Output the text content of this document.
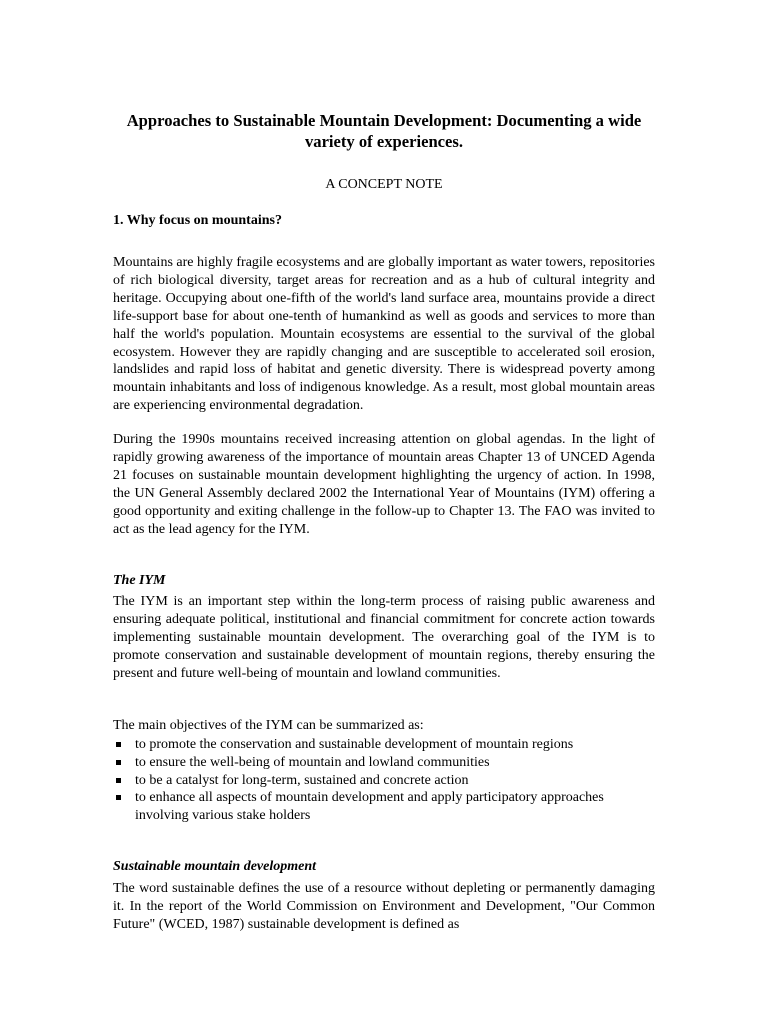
Approaches to Sustainable Mountain Development: Documenting a wide variety of experiences.

A CONCEPT NOTE

1. Why focus on mountains?

Mountains are highly fragile ecosystems and are globally important as water towers, repositories of rich biological diversity, target areas for recreation and as a hub of cultural integrity and heritage. Occupying about one-fifth of the world's land surface area, mountains provide a direct life-support base for about one-tenth of humankind as well as goods and services to more than half the world's population. Mountain ecosystems are essential to the survival of the global ecosystem. However they are rapidly changing and are susceptible to accelerated soil erosion, landslides and rapid loss of habitat and genetic diversity. There is widespread poverty among mountain inhabitants and loss of indigenous knowledge. As a result, most global mountain areas are experiencing environmental degradation.

During the 1990s mountains received increasing attention on global agendas. In the light of rapidly growing awareness of the importance of mountain areas Chapter 13 of UNCED Agenda 21 focuses on sustainable mountain development highlighting the urgency of action. In 1998, the UN General Assembly declared 2002 the International Year of Mountains (IYM) offering a good opportunity and exiting challenge in the follow-up to Chapter 13. The FAO was invited to act as the lead agency for the IYM.

The IYM

The IYM is an important step within the long-term process of raising public awareness and ensuring adequate political, institutional and financial commitment for concrete action towards implementing sustainable mountain development. The overarching goal of the IYM is to promote conservation and sustainable development of mountain regions, thereby ensuring the present and future well-being of mountain and lowland communities.

The main objectives of the IYM can be summarized as:

to promote the conservation and sustainable development of mountain regions
to ensure the well-being of mountain and lowland communities
to be a catalyst for long-term, sustained and concrete action
to enhance all aspects of mountain development and apply participatory approaches involving various stake holders
Sustainable mountain development

The word sustainable defines the use of a resource without depleting or permanently damaging it. In the report of the World Commission on Environment and Development, "Our Common Future" (WCED, 1987) sustainable development is defined as
